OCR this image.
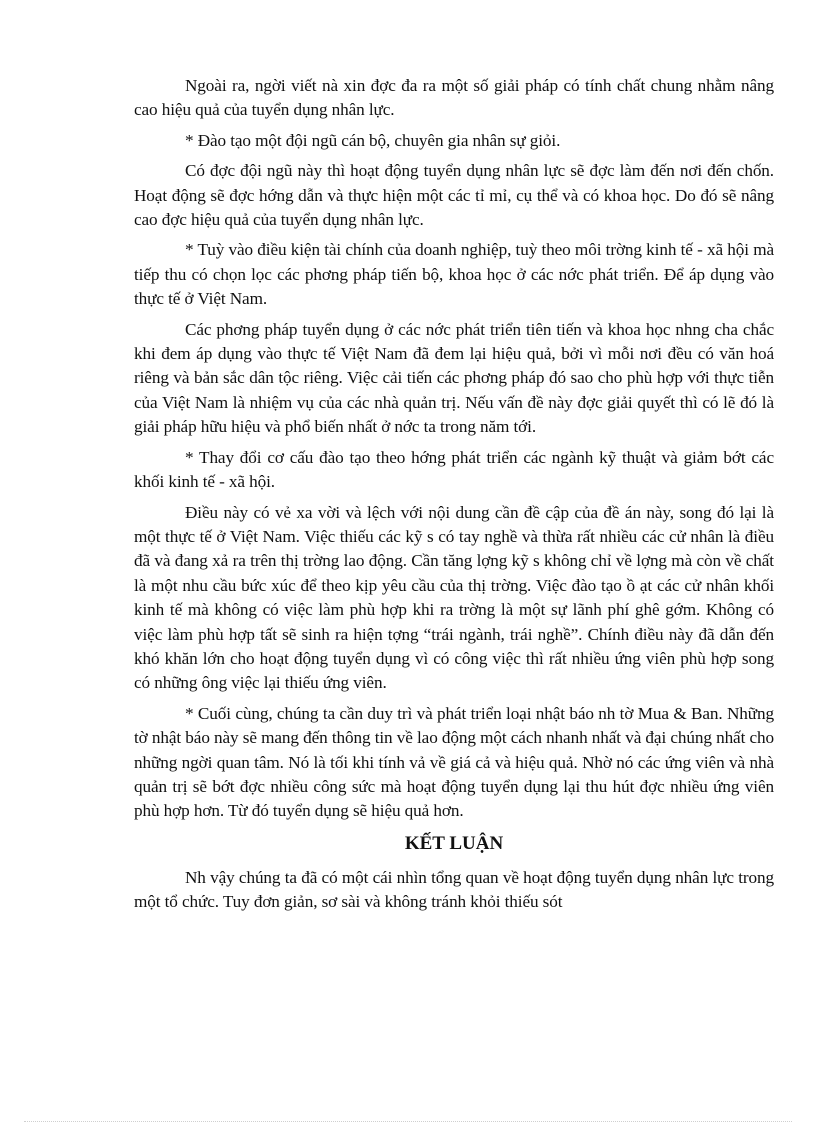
Ngoài ra, ngời viết nà xin đợc đa ra một số giải pháp có tính chất chung nhằm nâng cao hiệu quả của tuyển dụng nhân lực.

* Đào tạo một đội ngũ cán bộ, chuyên gia nhân sự giỏi.

Có đợc đội ngũ này thì hoạt động tuyển dụng nhân lực sẽ đợc làm đến nơi đến chốn. Hoạt động sẽ đợc hớng dẫn và thực hiện một các tỉ mỉ, cụ thể và có khoa học. Do đó sẽ nâng cao đợc hiệu quả của tuyển dụng nhân lực.

* Tuỳ vào điều kiện tài chính của doanh nghiệp, tuỳ theo môi trờng kinh tế - xã hội mà tiếp thu có chọn lọc các phơng pháp tiến bộ, khoa học ở các nớc phát triển. Để áp dụng vào thực tế ở Việt Nam.

Các phơng pháp tuyển dụng ở các nớc phát triển tiên tiến và khoa học nhng cha chắc khi đem áp dụng vào thực tế Việt Nam đã đem lại hiệu quả, bởi vì mỗi nơi đều có văn hoá riêng và bản sắc dân tộc riêng. Việc cải tiến các phơng pháp đó sao cho phù hợp với thực tiễn của Việt Nam là nhiệm vụ của các nhà quản trị. Nếu vấn đề này đợc giải quyết thì có lẽ đó là giải pháp hữu hiệu và phổ biến nhất ở nớc ta trong năm tới.

* Thay đổi cơ cấu đào tạo theo hớng phát triển các ngành kỹ thuật và giảm bớt các khối kinh tế - xã hội.

Điều này có vẻ xa vời và lệch với nội dung cần đề cập của đề án này, song đó lại là một thực tế ở Việt Nam. Việc thiếu các kỹ s có tay nghề và thừa rất nhiều các cử nhân là điều đã và đang xả ra trên thị trờng lao động. Cần tăng lợng kỹ s không chỉ về lợng mà còn về chất là một nhu cầu bức xúc để theo kịp yêu cầu của thị trờng. Việc đào tạo ồ ạt các cử nhân khối kinh tế mà không có việc làm phù hợp khi ra trờng là một sự lãnh phí ghê gớm. Không có việc làm phù hợp tất sẽ sinh ra hiện tợng “trái ngành, trái nghề”. Chính điều này đã dẫn đến khó khăn lớn cho hoạt động tuyển dụng vì có công việc thì rất nhiều ứng viên phù hợp song có những ông việc lại thiếu ứng viên.

* Cuối cùng, chúng ta cần duy trì và phát triển loại nhật báo nh tờ Mua & Ban. Những tờ nhật báo này sẽ mang đến thông tin về lao động một cách nhanh nhất và đại chúng nhất cho những ngời quan tâm. Nó là tối khi tính vả về giá cả và hiệu quả. Nhờ nó các ứng viên và nhà quản trị sẽ bớt đợc nhiều công sức mà hoạt động tuyển dụng lại thu hút đợc nhiều ứng viên phù hợp hơn. Từ đó tuyển dụng sẽ hiệu quả hơn.

KẾT LUẬN

Nh vậy chúng ta đã có một cái nhìn tổng quan về hoạt động tuyển dụng nhân lực trong một tổ chức. Tuy đơn giản, sơ sài và không tránh khỏi thiếu sót
